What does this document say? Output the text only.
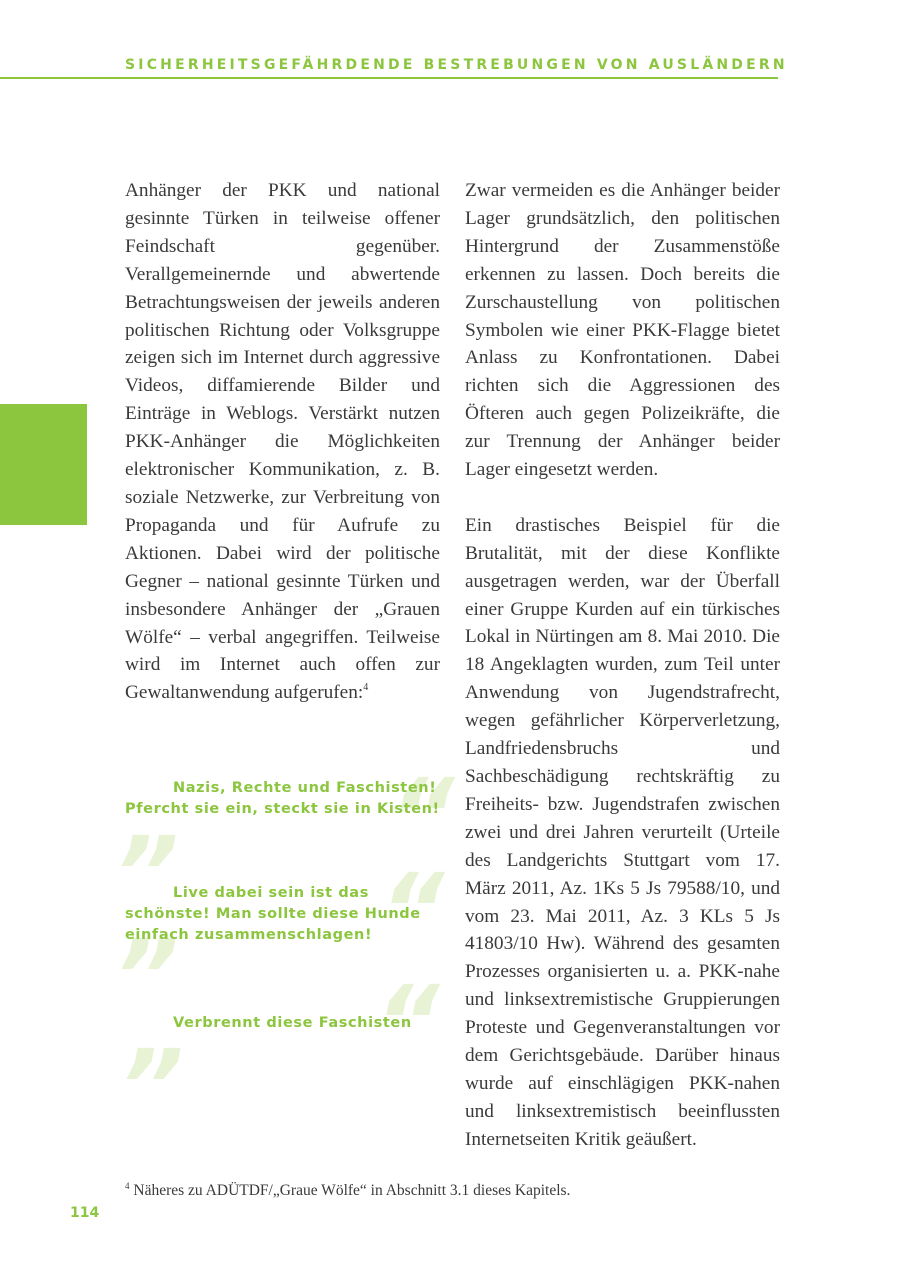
SICHERHEITSGEFÄHRDENDE BESTREBUNGEN VON AUSLÄNDERN

Anhänger der PKK und national gesinnte Türken in teilweise offener Feindschaft gegenüber. Verallgemeinernde und abwertende Betrachtungsweisen der jeweils anderen politischen Richtung oder Volksgruppe zeigen sich im Internet durch aggressive Videos, diffamierende Bilder und Einträge in Weblogs. Verstärkt nutzen PKK-Anhänger die Möglichkeiten elektronischer Kommunikation, z. B. soziale Netzwerke, zur Verbreitung von Propaganda und für Aufrufe zu Aktionen. Dabei wird der politische Gegner – national gesinnte Türken und insbesondere Anhänger der „Grauen Wölfe“ – verbal angegriffen. Teilweise wird im Internet auch offen zur Gewaltanwendung aufgerufen:$^4$

„ “
Nazis, Rechte und Faschisten!
Pfercht sie ein, steckt sie in Kisten!
„ “
Live dabei sein ist das
schönste! Man sollte diese Hunde
einfach zusammenschlagen!
„ “
Verbrennt diese Faschisten

Zwar vermeiden es die Anhänger beider Lager grundsätzlich, den politischen Hintergrund der Zusammenstöße erkennen zu lassen. Doch bereits die Zurschaustellung von politischen Symbolen wie einer PKK-Flagge bietet Anlass zu Konfrontationen. Dabei richten sich die Aggressionen des Öfteren auch gegen Polizeikräfte, die zur Trennung der Anhänger beider Lager eingesetzt werden.

Ein drastisches Beispiel für die Brutalität, mit der diese Konflikte ausgetragen werden, war der Überfall einer Gruppe Kurden auf ein türkisches Lokal in Nürtingen am 8. Mai 2010. Die 18 Angeklagten wurden, zum Teil unter Anwendung von Jugendstrafrecht, wegen gefährlicher Körperverletzung, Landfriedensbruchs und Sachbeschädigung rechtskräftig zu Freiheits- bzw. Jugendstrafen zwischen zwei und drei Jahren verurteilt (Urteile des Landgerichts Stuttgart vom 17. März 2011, Az. 1Ks 5 Js 79588/10, und vom 23. Mai 2011, Az. 3 KLs 5 Js 41803/10 Hw). Während des gesamten Prozesses organisierten u. a. PKK-nahe und linksextremistische Gruppierungen Proteste und Gegenveranstaltungen vor dem Gerichtsgebäude. Darüber hinaus wurde auf einschlägigen PKK-nahen und linksextremistisch beeinflussten Internetseiten Kritik geäußert.

$^4$ Näheres zu ADÜTDF/„Graue Wölfe“ in Abschnitt 3.1 dieses Kapitels.
114
